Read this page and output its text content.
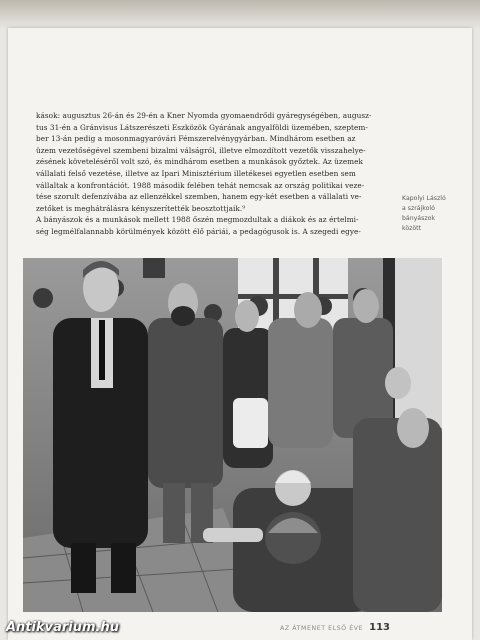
kások: augusztus 26-án és 29-én a Kner Nyomda gyomaendrődi gyáregységében, augusz-
tus 31-én a Gránvisus Látszerészeti Eszközök Gyárának angyalföldi üzemében, szeptem-
ber 13-án pedig a mosonmagyaróvári Fémszerelvénygyárban. Mindhárom esetben az
üzem vezetőségével szembeni bizalmi válságról, illetve elmozdított vezetők visszahelye-
zésének követeléséről volt szó, és mindhárom esetben a munkások győztek. Az üzemek
vállalati felső vezetése, illetve az Ipari Minisztérium illetékesei egyetlen esetben sem
vállaltak a konfrontációt. 1988 második felében tehát nemcsak az ország politikai veze-
tése szorult defenzívába az ellenzékkel szemben, hanem egy-két esetben a vállalati ve-
zetőket is meghátrálásra kényszerítették beosztottjaik.⁹
A bányászok és a munkások mellett 1988 őszén megmozdultak a diákok és az értelmi-
ség legmélfalannabb körülmények között élő páriái, a pedagógusok is. A szegedi egye-
Kapolyi László
a szrájkoló
bányászok
között
AZ ÁTMENET ELSŐ ÉVE 113
Antikvarium.hu
